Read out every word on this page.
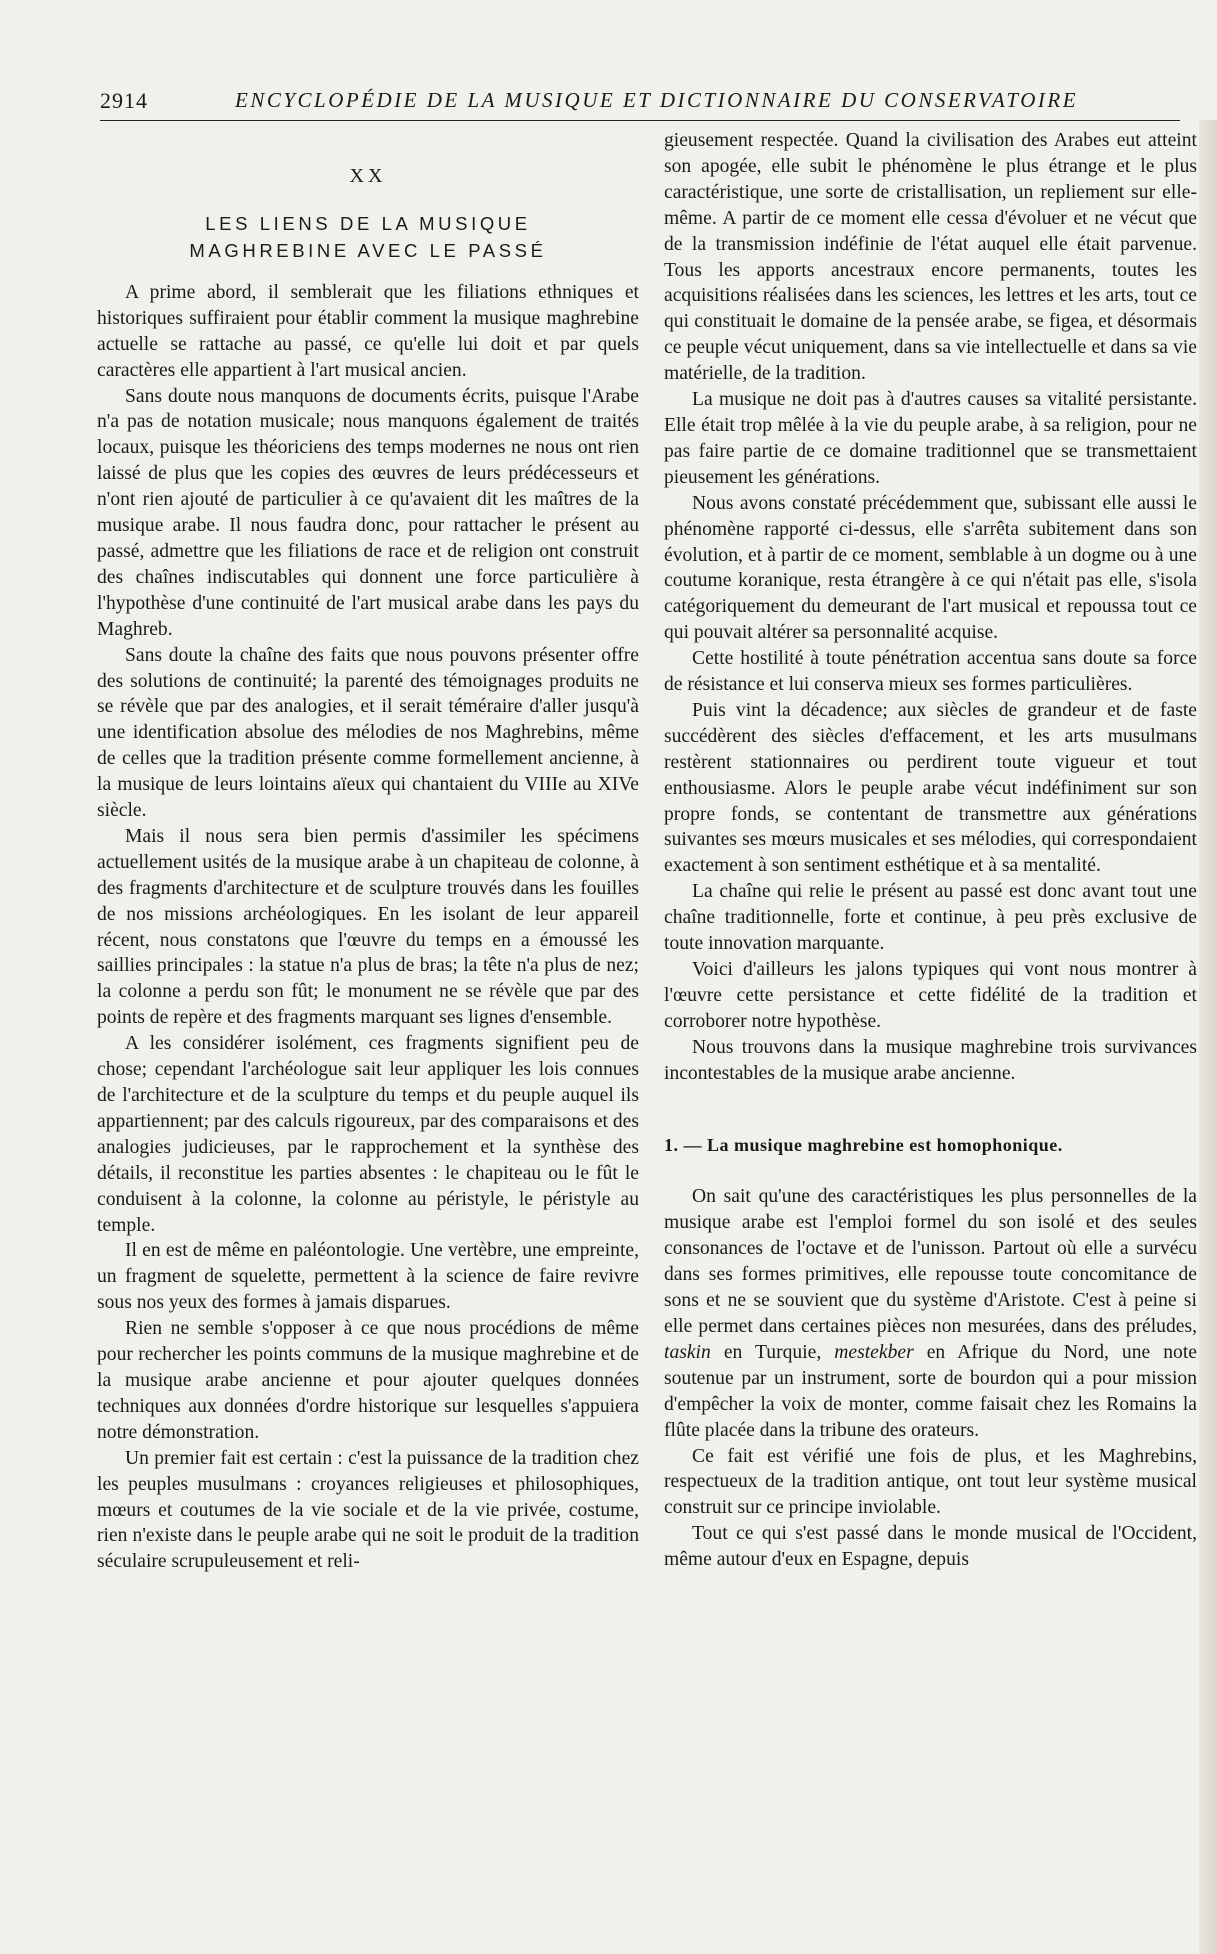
2914	ENCYCLOPÉDIE DE LA MUSIQUE ET DICTIONNAIRE DU CONSERVATOIRE
XX
LES LIENS DE LA MUSIQUE MAGHREBINE AVEC LE PASSÉ

A prime abord, il semblerait que les filiations ethniques et historiques suffiraient pour établir comment la musique maghrebine actuelle se rattache au passé, ce qu'elle lui doit et par quels caractères elle appartient à l'art musical ancien.

Sans doute nous manquons de documents écrits, puisque l'Arabe n'a pas de notation musicale; nous manquons également de traités locaux, puisque les théoriciens des temps modernes ne nous ont rien laissé de plus que les copies des œuvres de leurs prédécesseurs et n'ont rien ajouté de particulier à ce qu'avaient dit les maîtres de la musique arabe. Il nous faudra donc, pour rattacher le présent au passé, admettre que les filiations de race et de religion ont construit des chaînes indiscutables qui donnent une force particulière à l'hypothèse d'une continuité de l'art musical arabe dans les pays du Maghreb.

Sans doute la chaîne des faits que nous pouvons présenter offre des solutions de continuité; la parenté des témoignages produits ne se révèle que par des analogies, et il serait téméraire d'aller jusqu'à une identification absolue des mélodies de nos Maghrebins, même de celles que la tradition présente comme formellement ancienne, à la musique de leurs lointains aïeux qui chantaient du VIIIe au XIVe siècle.

Mais il nous sera bien permis d'assimiler les spécimens actuellement usités de la musique arabe à un chapiteau de colonne, à des fragments d'architecture et de sculpture trouvés dans les fouilles de nos missions archéologiques. En les isolant de leur appareil récent, nous constatons que l'œuvre du temps en a émoussé les saillies principales : la statue n'a plus de bras; la tête n'a plus de nez; la colonne a perdu son fût; le monument ne se révèle que par des points de repère et des fragments marquant ses lignes d'ensemble.

A les considérer isolément, ces fragments signifient peu de chose; cependant l'archéologue sait leur appliquer les lois connues de l'architecture et de la sculpture du temps et du peuple auquel ils appartiennent; par des calculs rigoureux, par des comparaisons et des analogies judicieuses, par le rapprochement et la synthèse des détails, il reconstitue les parties absentes : le chapiteau ou le fût le conduisent à la colonne, la colonne au péristyle, le péristyle au temple.

Il en est de même en paléontologie. Une vertèbre, une empreinte, un fragment de squelette, permettent à la science de faire revivre sous nos yeux des formes à jamais disparues.

Rien ne semble s'opposer à ce que nous procédions de même pour rechercher les points communs de la musique maghrebine et de la musique arabe ancienne et pour ajouter quelques données techniques aux données d'ordre historique sur lesquelles s'appuiera notre démonstration.

Un premier fait est certain : c'est la puissance de la tradition chez les peuples musulmans : croyances religieuses et philosophiques, mœurs et coutumes de la vie sociale et de la vie privée, costume, rien n'existe dans le peuple arabe qui ne soit le produit de la tradition séculaire scrupuleusement et reli-

gieusement respectée. Quand la civilisation des Arabes eut atteint son apogée, elle subit le phénomène le plus étrange et le plus caractéristique, une sorte de cristallisation, un repliement sur elle-même. A partir de ce moment elle cessa d'évoluer et ne vécut que de la transmission indéfinie de l'état auquel elle était parvenue. Tous les apports ancestraux encore permanents, toutes les acquisitions réalisées dans les sciences, les lettres et les arts, tout ce qui constituait le domaine de la pensée arabe, se figea, et désormais ce peuple vécut uniquement, dans sa vie intellectuelle et dans sa vie matérielle, de la tradition.

La musique ne doit pas à d'autres causes sa vitalité persistante. Elle était trop mêlée à la vie du peuple arabe, à sa religion, pour ne pas faire partie de ce domaine traditionnel que se transmettaient pieusement les générations.

Nous avons constaté précédemment que, subissant elle aussi le phénomène rapporté ci-dessus, elle s'arrêta subitement dans son évolution, et à partir de ce moment, semblable à un dogme ou à une coutume koranique, resta étrangère à ce qui n'était pas elle, s'isola catégoriquement du demeurant de l'art musical et repoussa tout ce qui pouvait altérer sa personnalité acquise.

Cette hostilité à toute pénétration accentua sans doute sa force de résistance et lui conserva mieux ses formes particulières.

Puis vint la décadence; aux siècles de grandeur et de faste succédèrent des siècles d'effacement, et les arts musulmans restèrent stationnaires ou perdirent toute vigueur et tout enthousiasme. Alors le peuple arabe vécut indéfiniment sur son propre fonds, se contentant de transmettre aux générations suivantes ses mœurs musicales et ses mélodies, qui correspondaient exactement à son sentiment esthétique et à sa mentalité.

La chaîne qui relie le présent au passé est donc avant tout une chaîne traditionnelle, forte et continue, à peu près exclusive de toute innovation marquante.

Voici d'ailleurs les jalons typiques qui vont nous montrer à l'œuvre cette persistance et cette fidélité de la tradition et corroborer notre hypothèse.

Nous trouvons dans la musique maghrebine trois survivances incontestables de la musique arabe ancienne.

1. — La musique maghrebine est homophonique.

On sait qu'une des caractéristiques les plus personnelles de la musique arabe est l'emploi formel du son isolé et des seules consonances de l'octave et de l'unisson. Partout où elle a survécu dans ses formes primitives, elle repousse toute concomitance de sons et ne se souvient que du système d'Aristote. C'est à peine si elle permet dans certaines pièces non mesurées, dans des préludes, taskin en Turquie, mestekber en Afrique du Nord, une note soutenue par un instrument, sorte de bourdon qui a pour mission d'empêcher la voix de monter, comme faisait chez les Romains la flûte placée dans la tribune des orateurs.

Ce fait est vérifié une fois de plus, et les Maghrebins, respectueux de la tradition antique, ont tout leur système musical construit sur ce principe inviolable.

Tout ce qui s'est passé dans le monde musical de l'Occident, même autour d'eux en Espagne, depuis
